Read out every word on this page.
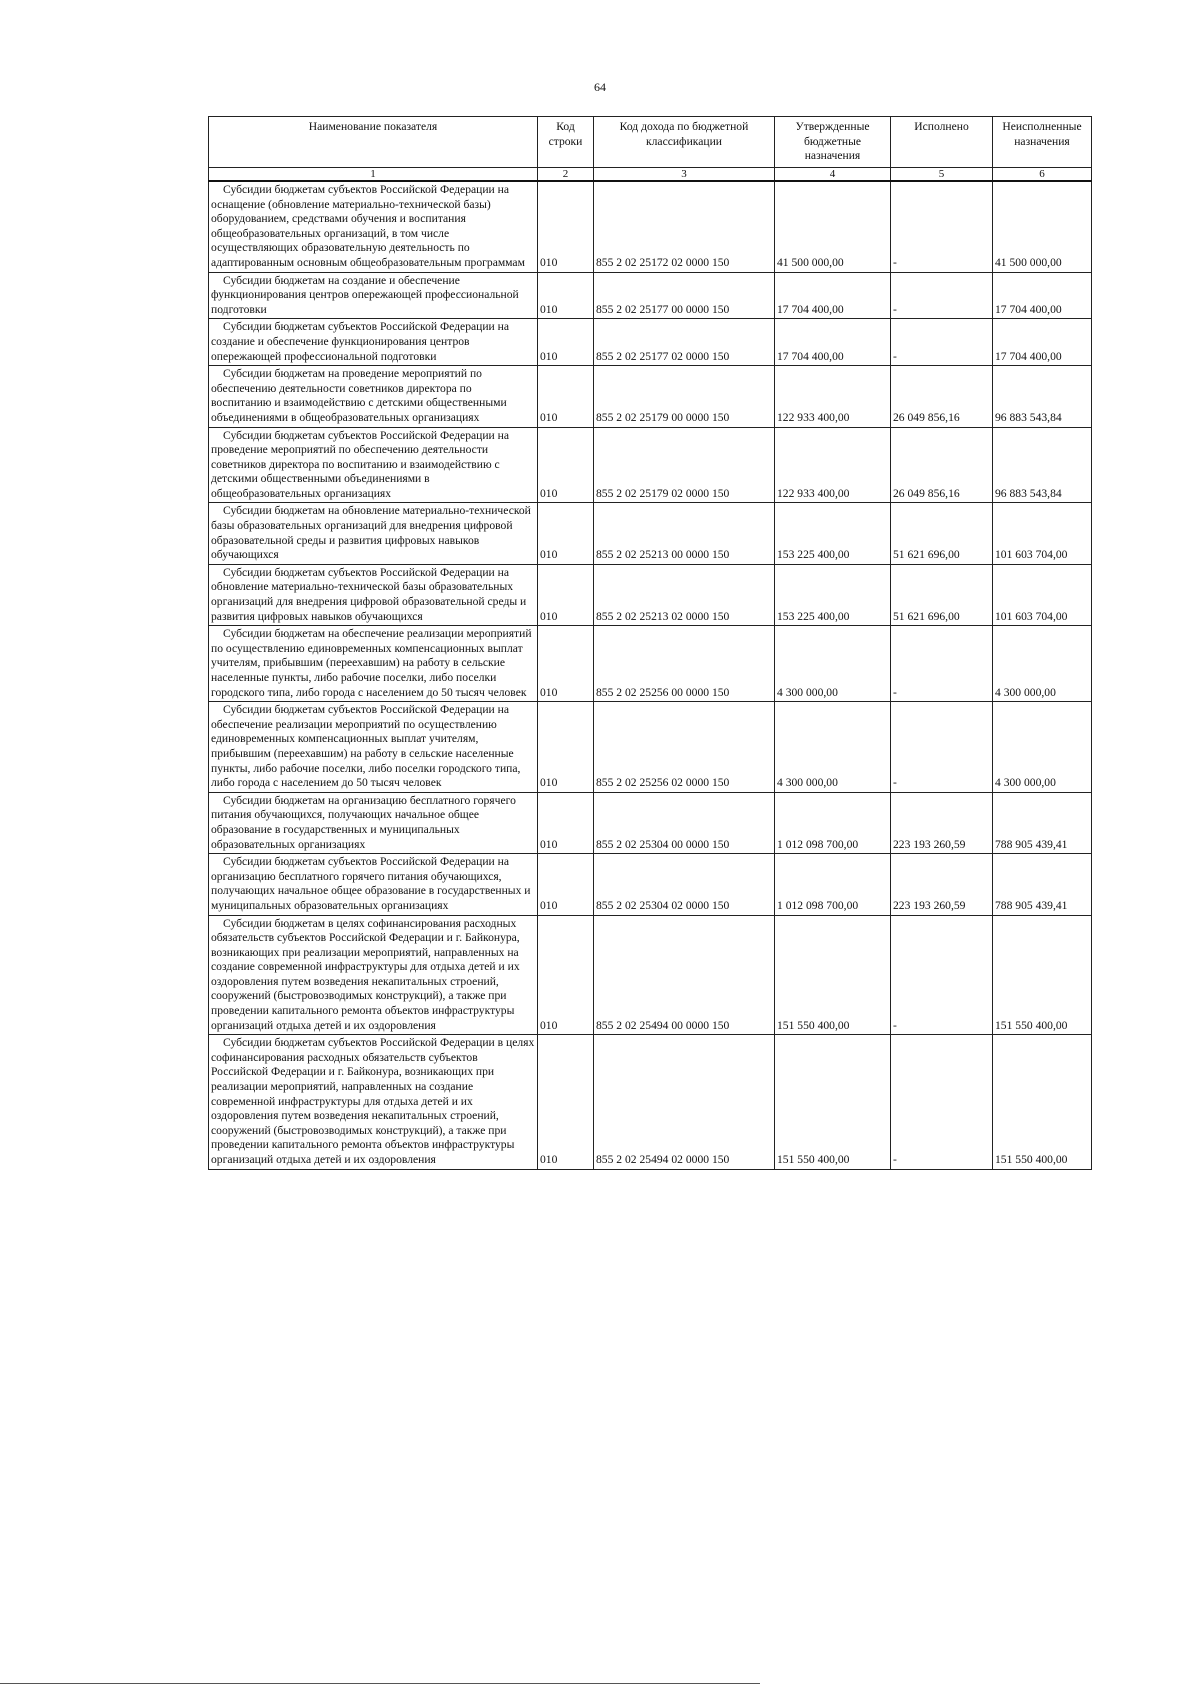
64
Наименование показателя	Код строки	Код дохода по бюджетной классификации	Утвержденные бюджетные назначения	Исполнено	Неисполненные назначения
1	2	3	4	5	6

Субсидии бюджетам субъектов Российской Федерации на оснащение (обновление материально-технической базы) оборудованием, средствами обучения и воспитания общеобразовательных организаций, в том числе осуществляющих образовательную деятельность по адаптированным основным общеобразовательным программам	010	855 2 02 25172 02 0000 150	41 500 000,00	-	41 500 000,00

Субсидии бюджетам на создание и обеспечение функционирования центров опережающей профессиональной подготовки	010	855 2 02 25177 00 0000 150	17 704 400,00	-	17 704 400,00

Субсидии бюджетам субъектов Российской Федерации на создание и обеспечение функционирования центров опережающей профессиональной подготовки	010	855 2 02 25177 02 0000 150	17 704 400,00	-	17 704 400,00

Субсидии бюджетам на проведение мероприятий по обеспечению деятельности советников директора по воспитанию и взаимодействию с детскими общественными объединениями в общеобразовательных организациях	010	855 2 02 25179 00 0000 150	122 933 400,00	26 049 856,16	96 883 543,84

Субсидии бюджетам субъектов Российской Федерации на проведение мероприятий по обеспечению деятельности советников директора по воспитанию и взаимодействию с детскими общественными объединениями в общеобразовательных организациях	010	855 2 02 25179 02 0000 150	122 933 400,00	26 049 856,16	96 883 543,84

Субсидии бюджетам на обновление материально-технической базы образовательных организаций для внедрения цифровой образовательной среды и развития цифровых навыков обучающихся	010	855 2 02 25213 00 0000 150	153 225 400,00	51 621 696,00	101 603 704,00

Субсидии бюджетам субъектов Российской Федерации на обновление материально-технической базы образовательных организаций для внедрения цифровой образовательной среды и развития цифровых навыков обучающихся	010	855 2 02 25213 02 0000 150	153 225 400,00	51 621 696,00	101 603 704,00

Субсидии бюджетам на обеспечение реализации мероприятий по осуществлению единовременных компенсационных выплат учителям, прибывшим (переехавшим) на работу в сельские населенные пункты, либо рабочие поселки, либо поселки городского типа, либо города с населением до 50 тысяч человек	010	855 2 02 25256 00 0000 150	4 300 000,00	-	4 300 000,00

Субсидии бюджетам субъектов Российской Федерации на обеспечение реализации мероприятий по осуществлению единовременных компенсационных выплат учителям, прибывшим (переехавшим) на работу в сельские населенные пункты, либо рабочие поселки, либо поселки городского типа, либо города с населением до 50 тысяч человек	010	855 2 02 25256 02 0000 150	4 300 000,00	-	4 300 000,00

Субсидии бюджетам на организацию бесплатного горячего питания обучающихся, получающих начальное общее образование в государственных и муниципальных образовательных организациях	010	855 2 02 25304 00 0000 150	1 012 098 700,00	223 193 260,59	788 905 439,41

Субсидии бюджетам субъектов Российской Федерации на организацию бесплатного горячего питания обучающихся, получающих начальное общее образование в государственных и муниципальных образовательных организациях	010	855 2 02 25304 02 0000 150	1 012 098 700,00	223 193 260,59	788 905 439,41

Субсидии бюджетам в целях софинансирования расходных обязательств субъектов Российской Федерации и г. Байконура, возникающих при реализации мероприятий, направленных на создание современной инфраструктуры для отдыха детей и их оздоровления путем возведения некапитальных строений, сооружений (быстровозводимых конструкций), а также при проведении капитального ремонта объектов инфраструктуры организаций отдыха детей и их оздоровления	010	855 2 02 25494 00 0000 150	151 550 400,00	-	151 550 400,00

Субсидии бюджетам субъектов Российской Федерации в целях софинансирования расходных обязательств субъектов Российской Федерации и г. Байконура, возникающих при реализации мероприятий, направленных на создание современной инфраструктуры для отдыха детей и их оздоровления путем возведения некапитальных строений, сооружений (быстровозводимых конструкций), а также при проведении капитального ремонта объектов инфраструктуры организаций отдыха детей и их оздоровления	010	855 2 02 25494 02 0000 150	151 550 400,00	-	151 550 400,00
